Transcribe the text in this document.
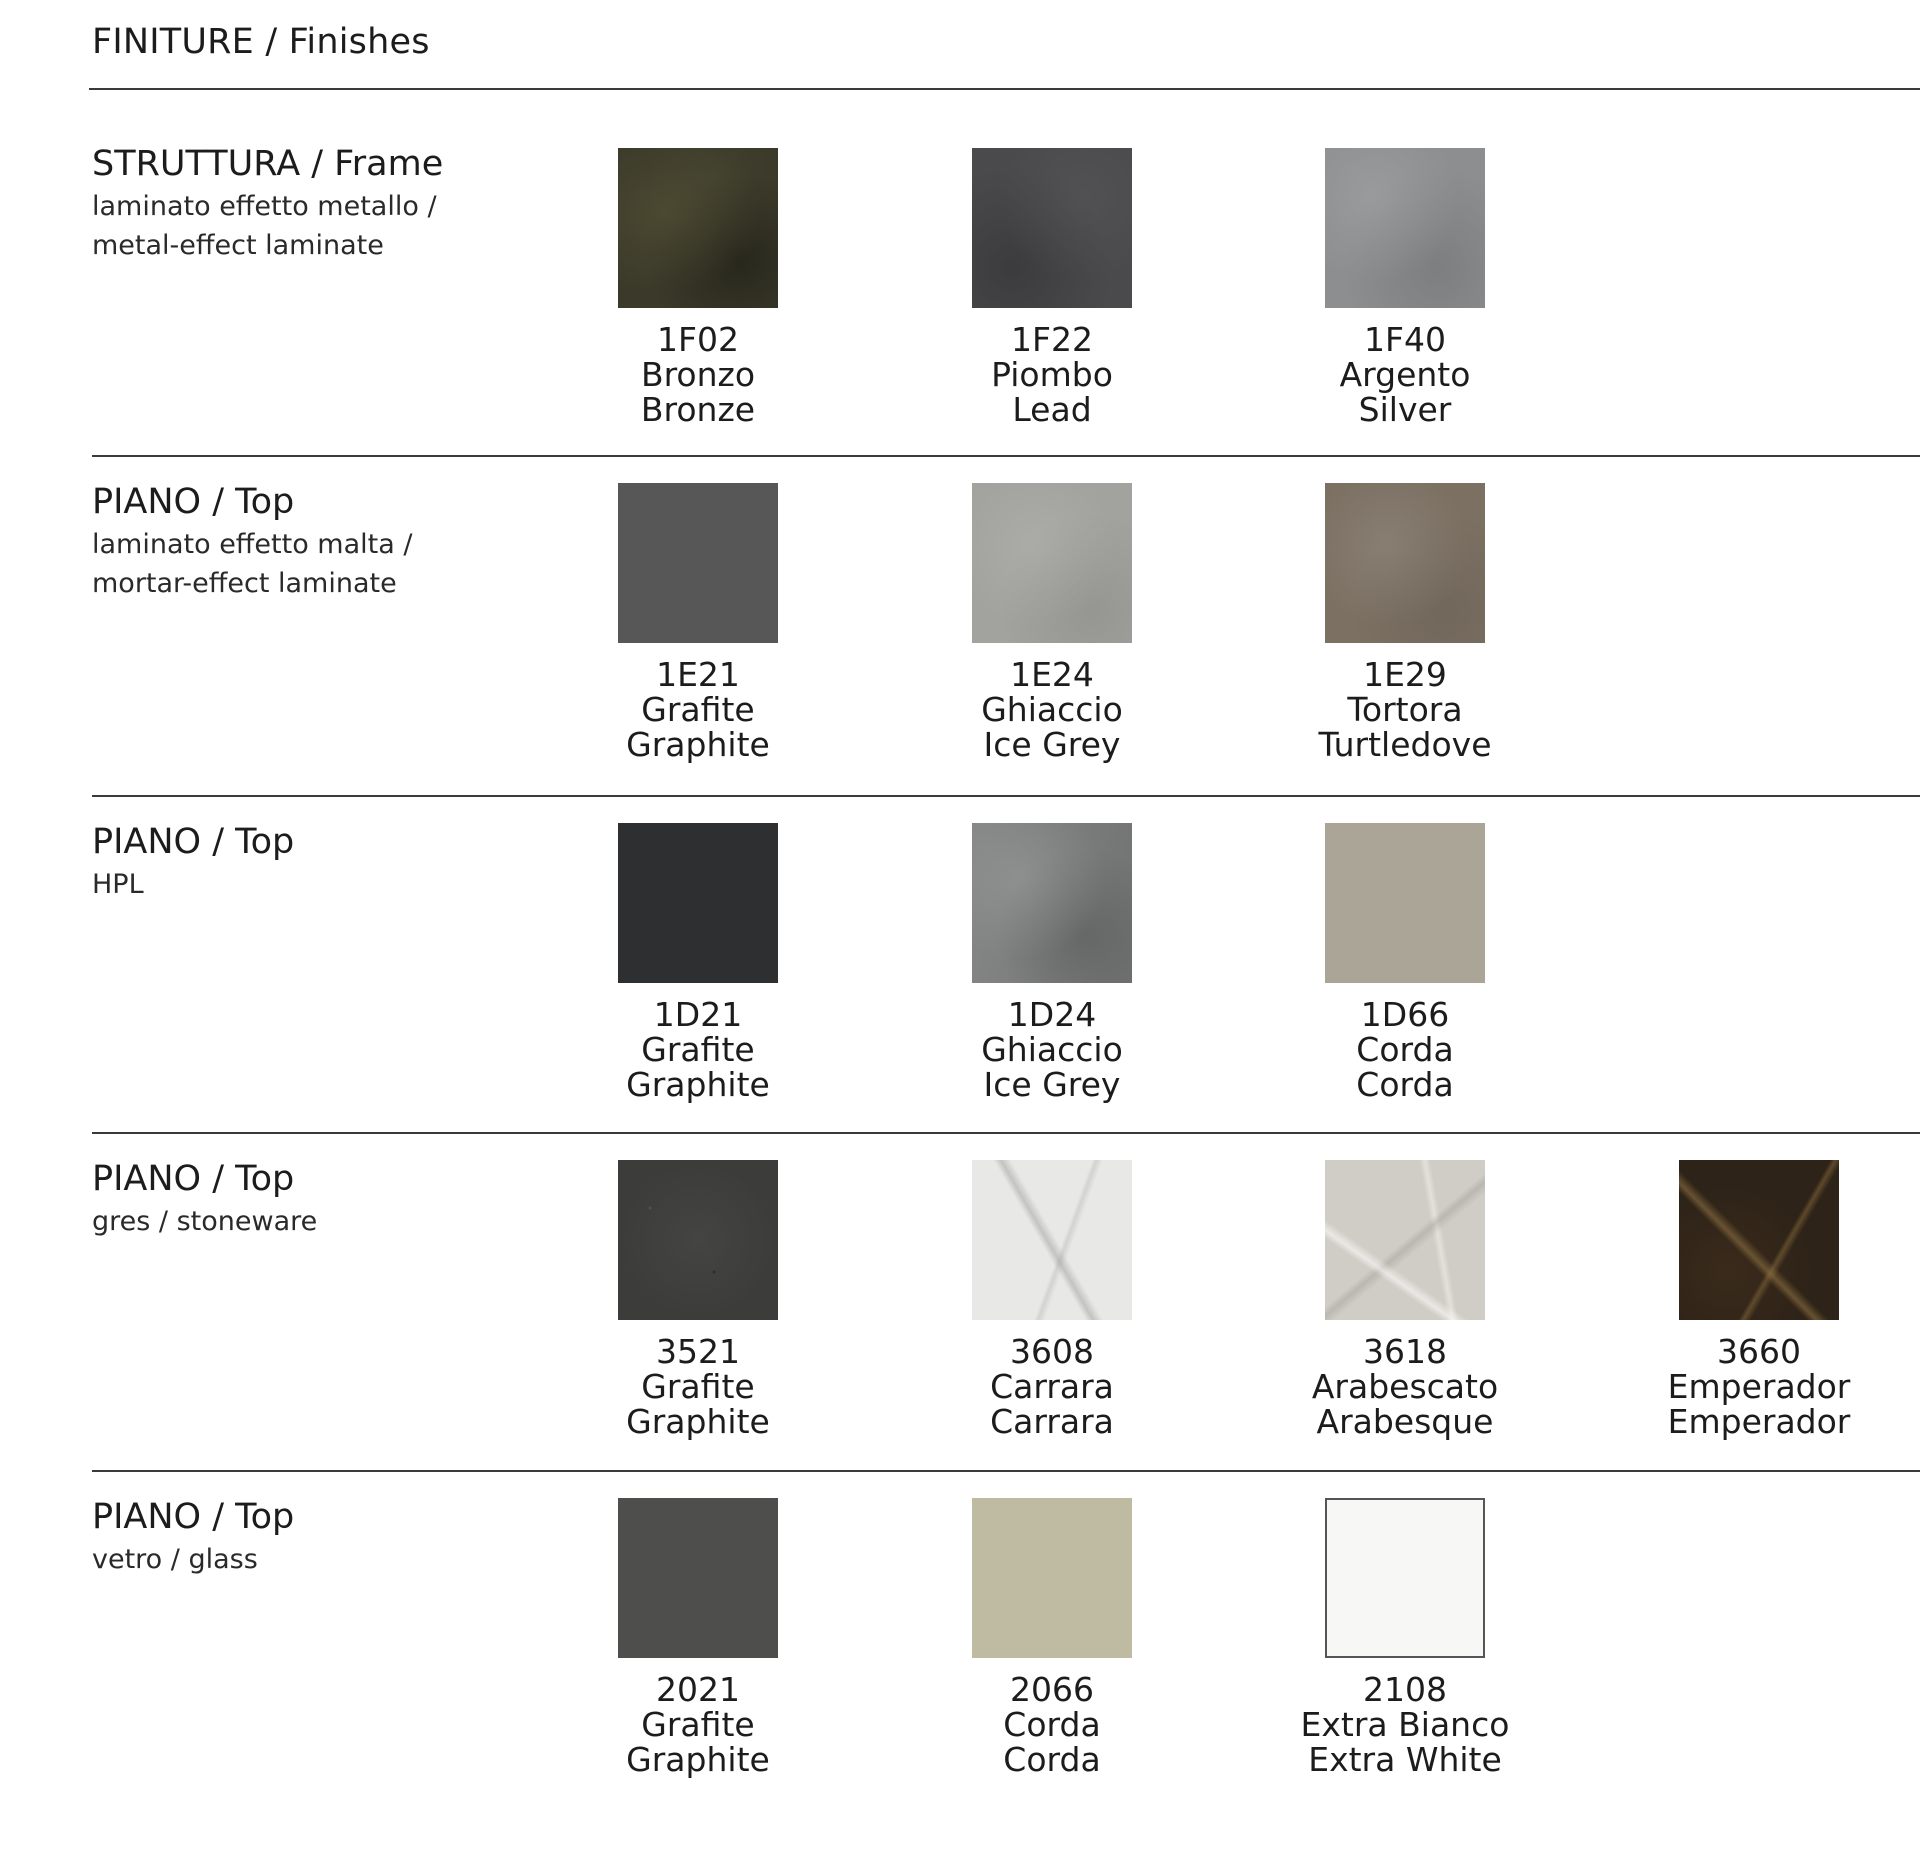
FINITURE / Finishes
STRUTTURA / Frame
laminato effetto metallo /
metal-effect laminate
1F02
Bronzo
Bronze
1F22
Piombo
Lead
1F40
Argento
Silver
PIANO / Top
laminato effetto malta /
mortar-effect laminate
1E21
Grafite
Graphite
1E24
Ghiaccio
Ice Grey
1E29
Tortora
Turtledove
PIANO / Top
HPL
1D21
Grafite
Graphite
1D24
Ghiaccio
Ice Grey
1D66
Corda
Corda
PIANO / Top
gres / stoneware
3521
Grafite
Graphite
3608
Carrara
Carrara
3618
Arabescato
Arabesque
3660
Emperador
Emperador
PIANO / Top
vetro / glass
2021
Grafite
Graphite
2066
Corda
Corda
2108
Extra Bianco
Extra White
